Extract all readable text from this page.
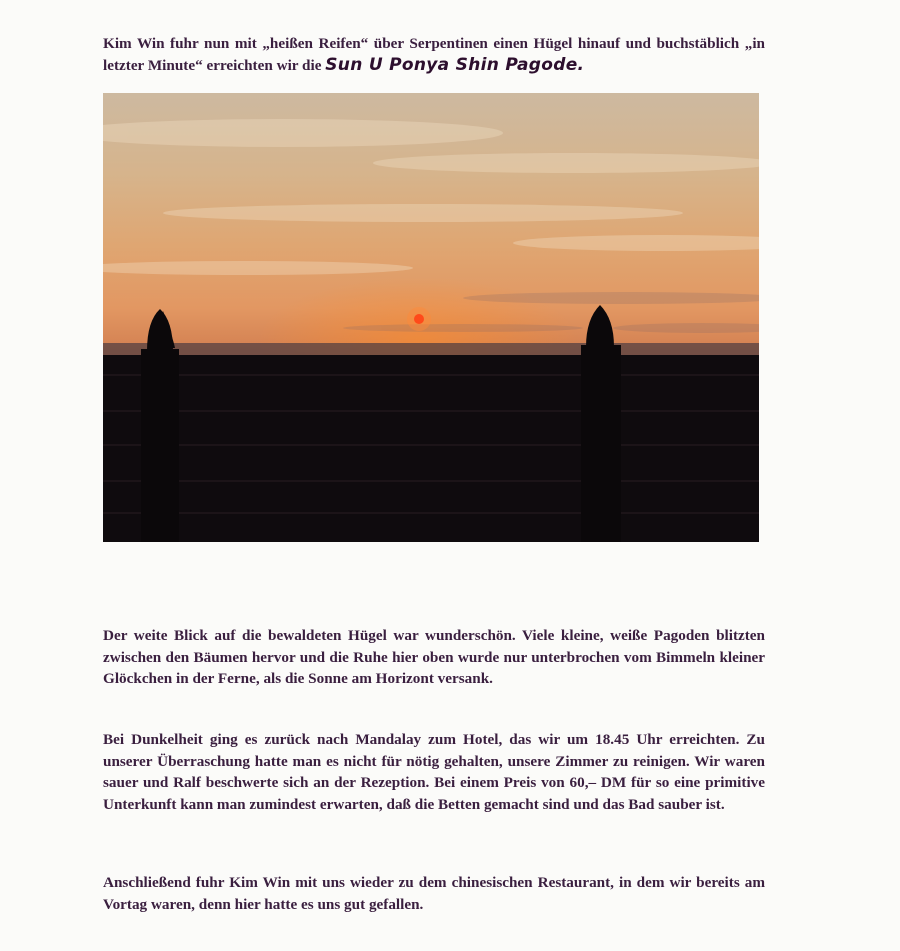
Kim Win fuhr nun mit „heißen Reifen“ über Serpentinen einen Hügel hinauf und buchstäblich „in letzter Minute“ erreichten wir die Sun U Ponya Shin Pagode.

Der weite Blick auf die bewaldeten Hügel war wunderschön. Viele kleine, weiße Pagoden blitzten zwischen den Bäumen hervor und die Ruhe hier oben wurde nur unterbrochen vom Bimmeln kleiner Glöckchen in der Ferne, als die Sonne am Horizont versank.

Bei Dunkelheit ging es zurück nach Mandalay zum Hotel, das wir um 18.45 Uhr erreichten. Zu unserer Überraschung hatte man es nicht für nötig gehalten, unsere Zimmer zu reinigen. Wir waren sauer und Ralf beschwerte sich an der Rezeption. Bei einem Preis von 60,– DM für so eine primitive Unterkunft kann man zumindest erwarten, daß die Betten gemacht sind und das Bad sauber ist.

Anschließend fuhr Kim Win mit uns wieder zu dem chinesischen Restaurant, in dem wir bereits am Vortag waren, denn hier hatte es uns gut gefallen.
